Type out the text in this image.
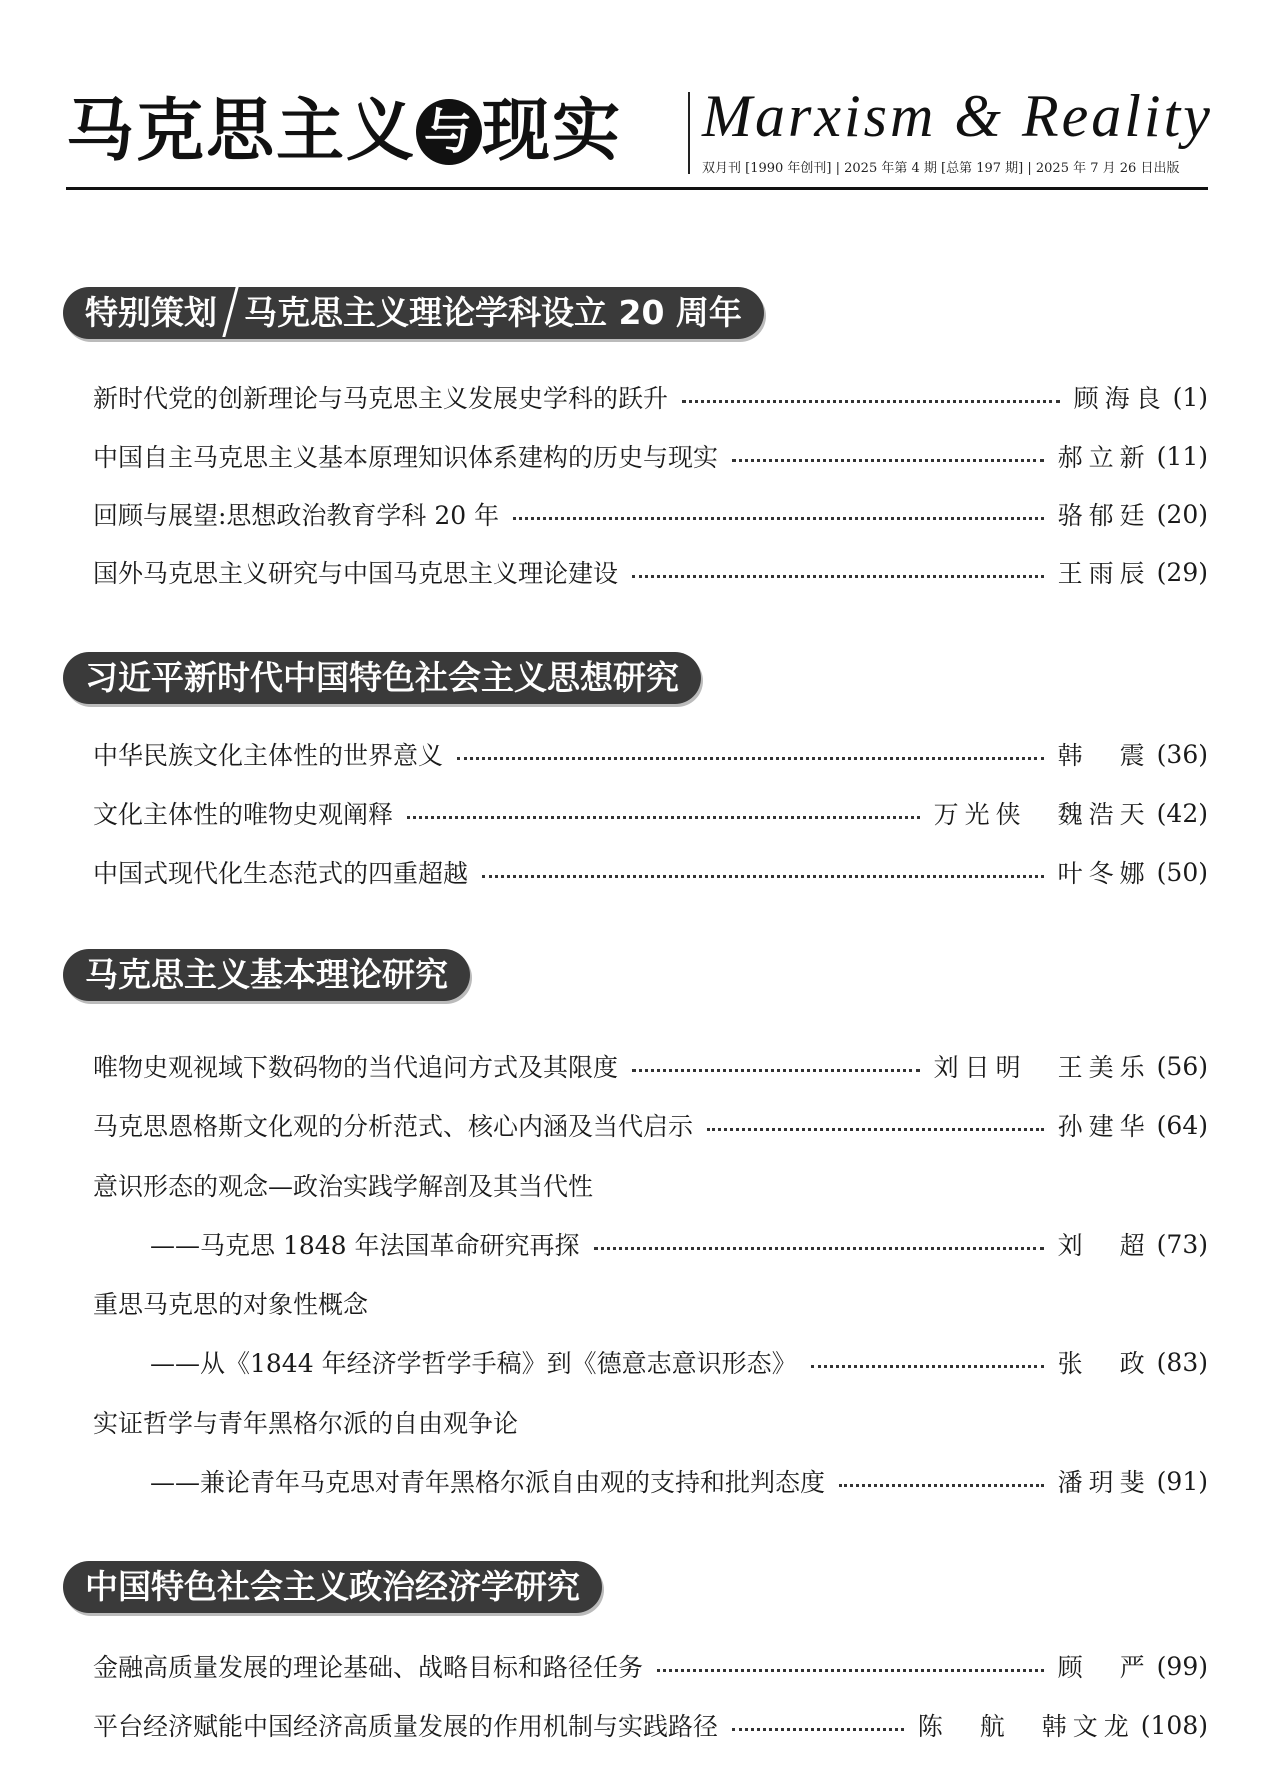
马克思主义 与 现实 Marxism & Reality
双月刊 [1990 年创刊] | 2025 年第 4 期 [总第 197 期] | 2025 年 7 月 26 日出版
特别策划 马克思主义理论学科设立 20 周年
新时代党的创新理论与马克思主义发展史学科的跃升	顾海良 (1)
中国自主马克思主义基本原理知识体系建构的历史与现实	郝立新 (11)
回顾与展望:思想政治教育学科 20 年	骆郁廷 (20)
国外马克思主义研究与中国马克思主义理论建设	王雨辰 (29)
习近平新时代中国特色社会主义思想研究
中华民族文化主体性的世界意义	韩　震 (36)
文化主体性的唯物史观阐释	万光侠　魏浩天 (42)
中国式现代化生态范式的四重超越	叶冬娜 (50)
马克思主义基本理论研究
唯物史观视域下数码物的当代追问方式及其限度	刘日明　王美乐 (56)
马克思恩格斯文化观的分析范式、核心内涵及当代启示	孙建华 (64)
意识形态的观念—政治实践学解剖及其当代性
——马克思 1848 年法国革命研究再探	刘　超 (73)
重思马克思的对象性概念
——从《1844 年经济学哲学手稿》到《德意志意识形态》	张　政 (83)
实证哲学与青年黑格尔派的自由观争论
——兼论青年马克思对青年黑格尔派自由观的支持和批判态度	潘玥斐 (91)
中国特色社会主义政治经济学研究
金融高质量发展的理论基础、战略目标和路径任务	顾　严 (99)
平台经济赋能中国经济高质量发展的作用机制与实践路径	陈　航　韩文龙 (108)
